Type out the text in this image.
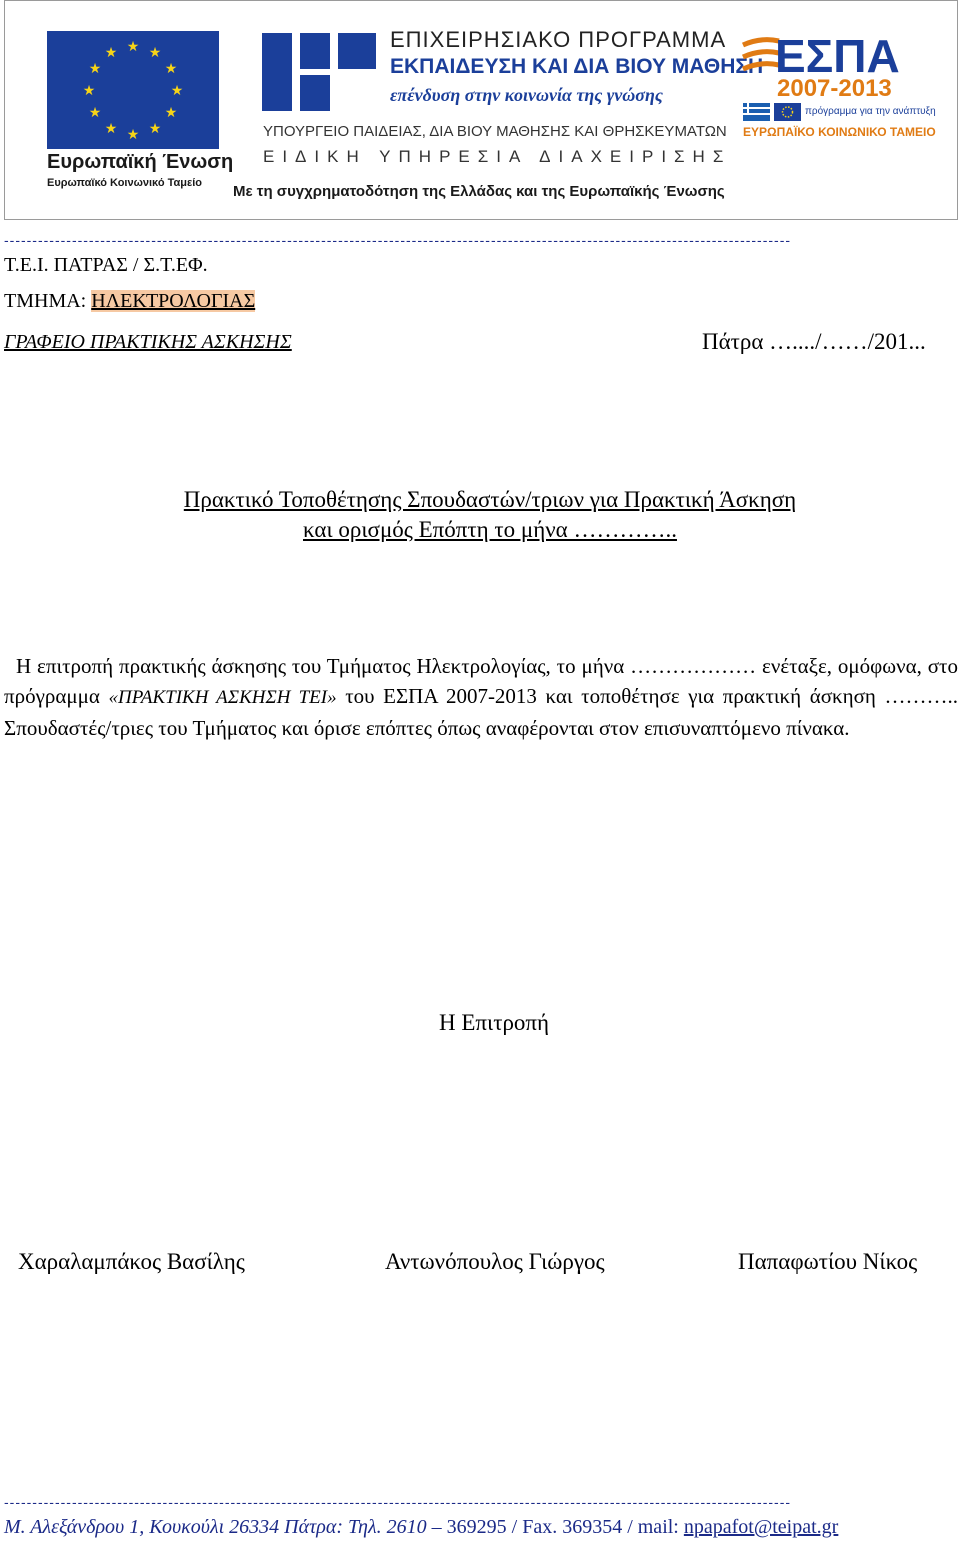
★ ★
★
★
★
★
★
★
★
★
★
★
Ευρωπαϊκή Ένωση
Ευρωπαϊκό Κοινωνικό Ταμείο
ΕΠΙΧΕΙΡΗΣΙΑΚΟ ΠΡΟΓΡΑΜΜΑ
ΕΚΠΑΙΔΕΥΣΗ ΚΑΙ ΔΙΑ ΒΙΟΥ ΜΑΘΗΣΗ
επένδυση στην κοινωνία της γνώσης
ΥΠΟΥΡΓΕΙΟ ΠΑΙΔΕΙΑΣ, ΔΙΑ ΒΙΟΥ ΜΑΘΗΣΗΣ ΚΑΙ ΘΡΗΣΚΕΥΜΑΤΩΝ
ΕΙΔΙΚΗ ΥΠΗΡΕΣΙΑ ΔΙΑΧΕΙΡΙΣΗΣ
Με τη συγχρηματοδότηση της Ελλάδας και της Ευρωπαϊκής Ένωσης
ΕΣΠΑ
2007-2013
πρόγραμμα για την ανάπτυξη
ΕΥΡΩΠΑΪΚΟ ΚΟΙΝΩΝΙΚΟ ΤΑΜΕΙΟ
-------------------------------------------------------------------------------------------------------------------------------------------
Τ.Ε.Ι. ΠΑΤΡΑΣ / Σ.Τ.ΕΦ.
ΤΜΗΜΑ: ΗΛΕΚΤΡΟΛΟΓΙΑΣ
ΓΡΑΦΕΙΟ ΠΡΑΚΤΙΚΗΣ ΑΣΚΗΣΗΣ	Πάτρα …..../……/201...
Πρακτικό Τοποθέτησης Σπουδαστών/τριων για Πρακτική Άσκηση
και ορισμός Επόπτη το μήνα …………..
Η επιτροπή πρακτικής άσκησης του Τμήματος Ηλεκτρολογίας, το μήνα ……………… ενέταξε, ομόφωνα, στο πρόγραμμα «ΠΡΑΚΤΙΚΗ ΑΣΚΗΣΗ ΤΕΙ» του ΕΣΠΑ 2007-2013 και τοποθέτησε για πρακτική άσκηση ……….. Σπουδαστές/τριες του Τμήματος και όρισε επόπτες όπως αναφέρονται στον επισυναπτόμενο πίνακα.
Η Επιτροπή
Χαραλαμπάκος Βασίλης	Αντωνόπουλος Γιώργος	Παπαφωτίου Νίκος
-------------------------------------------------------------------------------------------------------------------------------------------
Μ. Αλεξάνδρου 1, Κουκούλι 26334 Πάτρα: Τηλ. 2610 – 369295 / Fax. 369354 / mail: npapafot@teipat.gr
